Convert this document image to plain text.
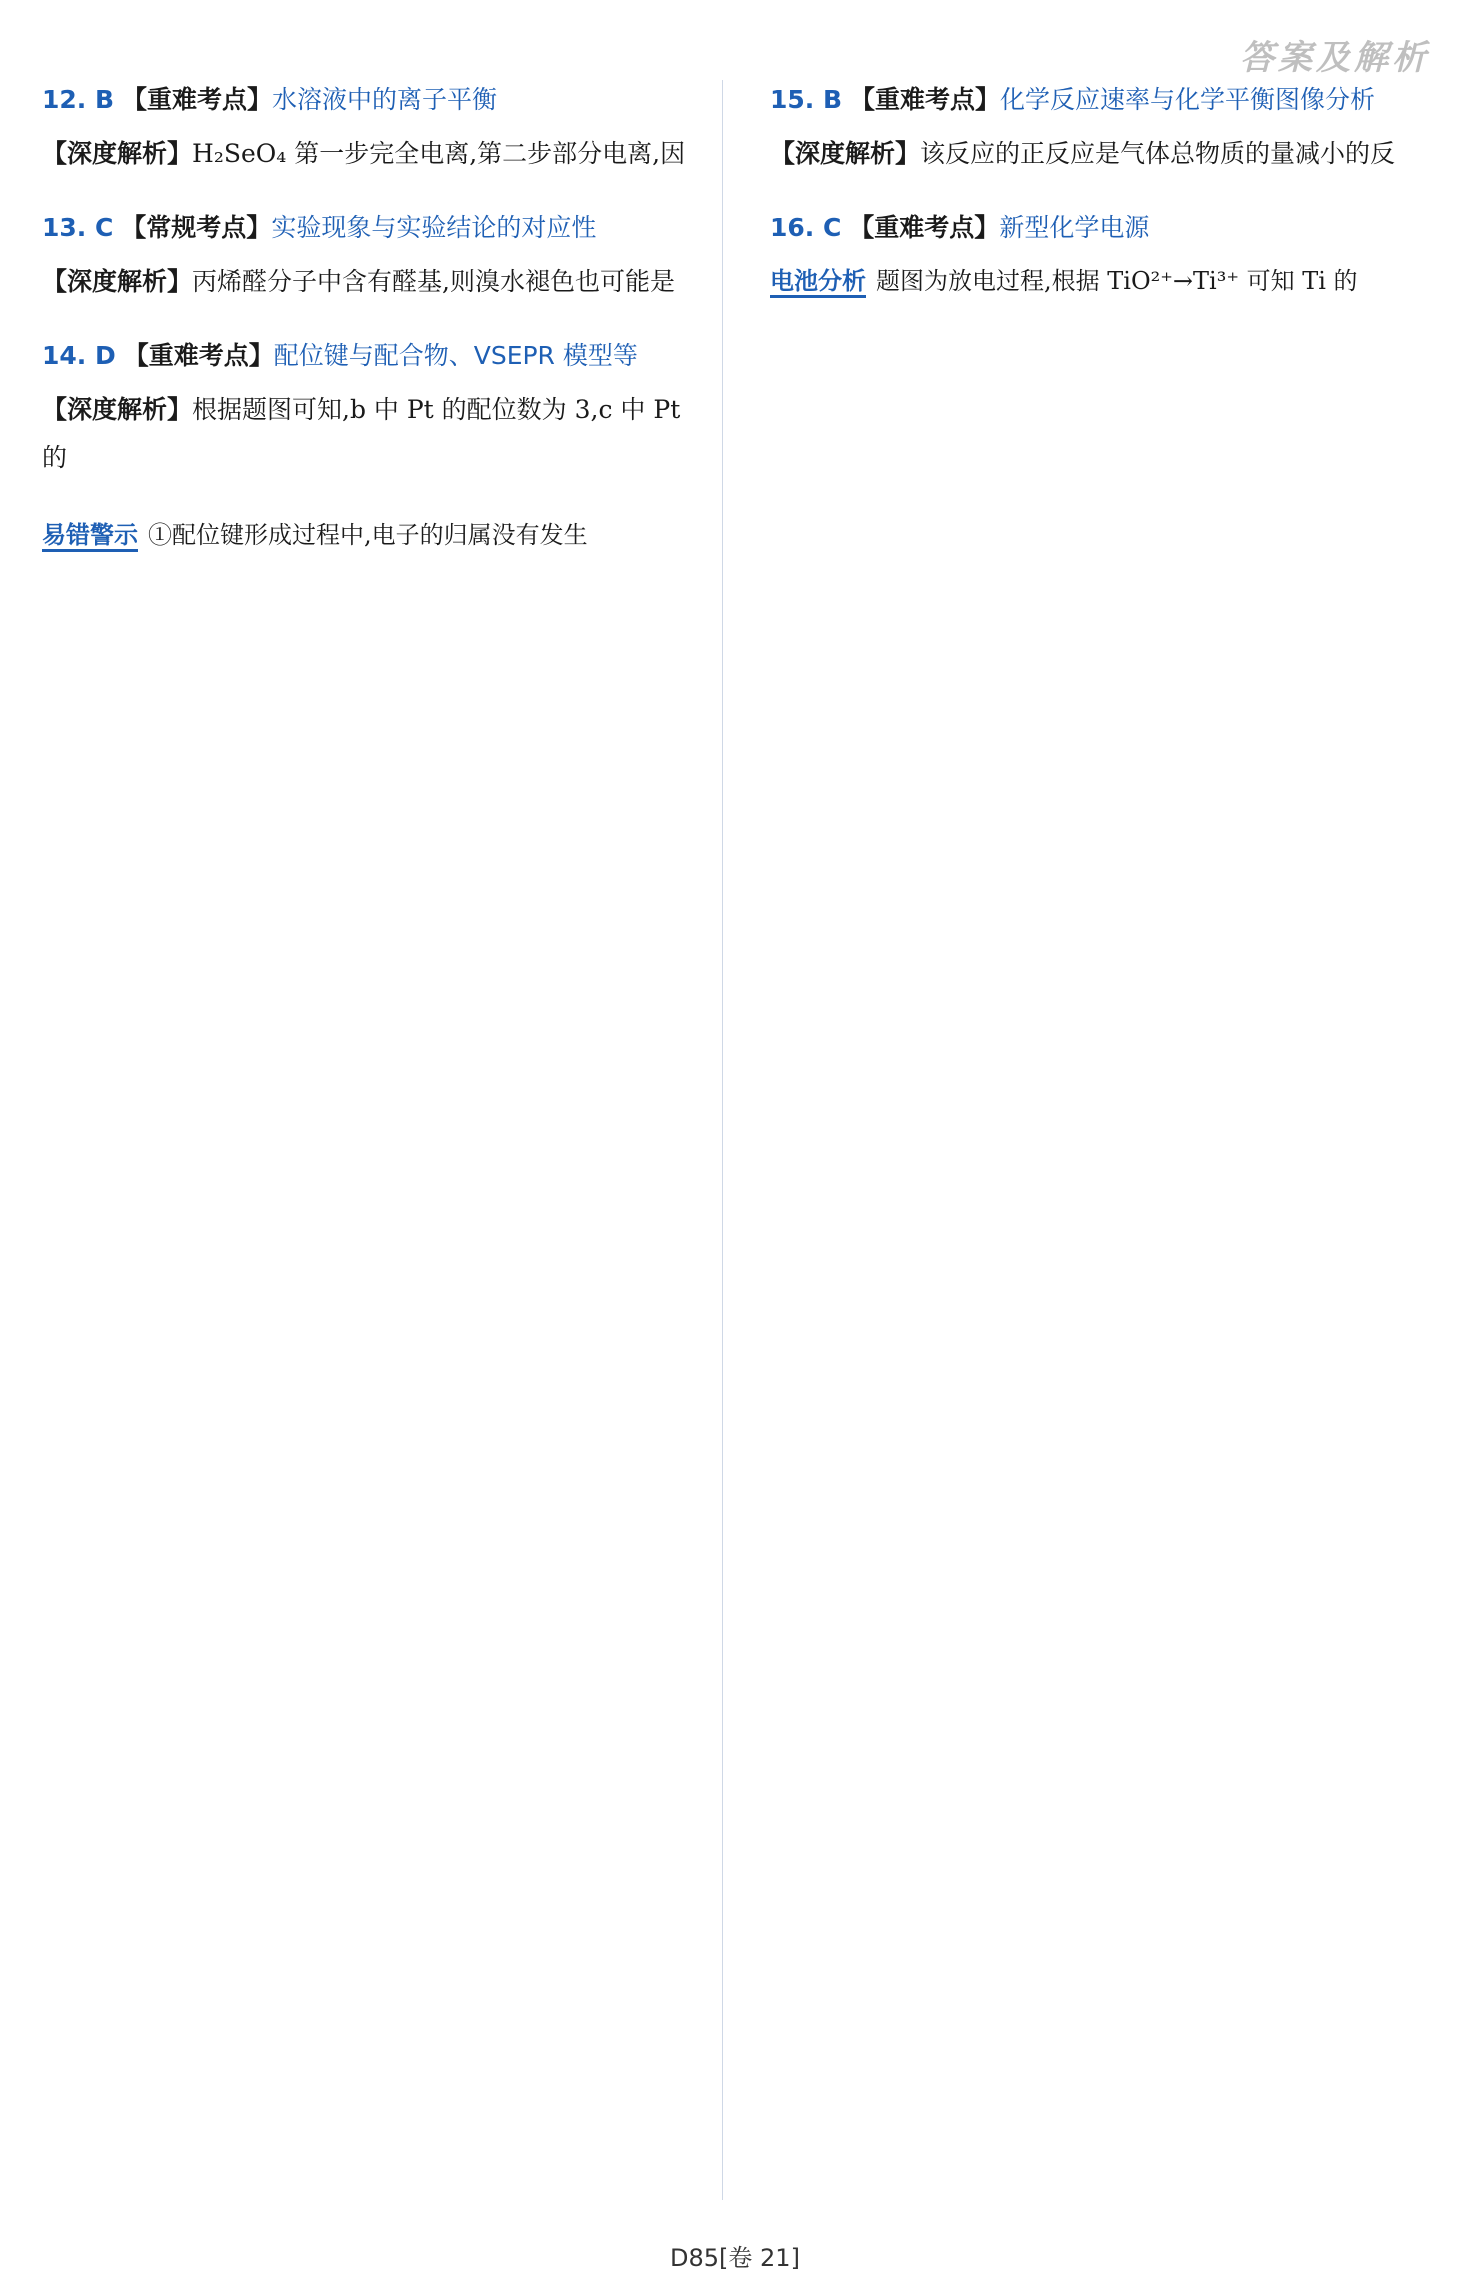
答案及解析
12. B 【重难考点】水溶液中的离子平衡
【深度解析】H₂SeO₄ 第一步完全电离,第二步部分电离,因
13. C 【常规考点】实验现象与实验结论的对应性
【深度解析】丙烯醛分子中含有醛基,则溴水褪色也可能是
14. D 【重难考点】配位键与配合物、VSEPR 模型等
【深度解析】根据题图可知,b 中 Pt 的配位数为 3,c 中 Pt 的
易错警示 ①配位键形成过程中,电子的归属没有发生
15. B 【重难考点】化学反应速率与化学平衡图像分析
【深度解析】该反应的正反应是气体总物质的量减小的反
16. C 【重难考点】新型化学电源
电池分析 题图为放电过程,根据 TiO²⁺→Ti³⁺ 可知 Ti 的
D85[卷 21]
